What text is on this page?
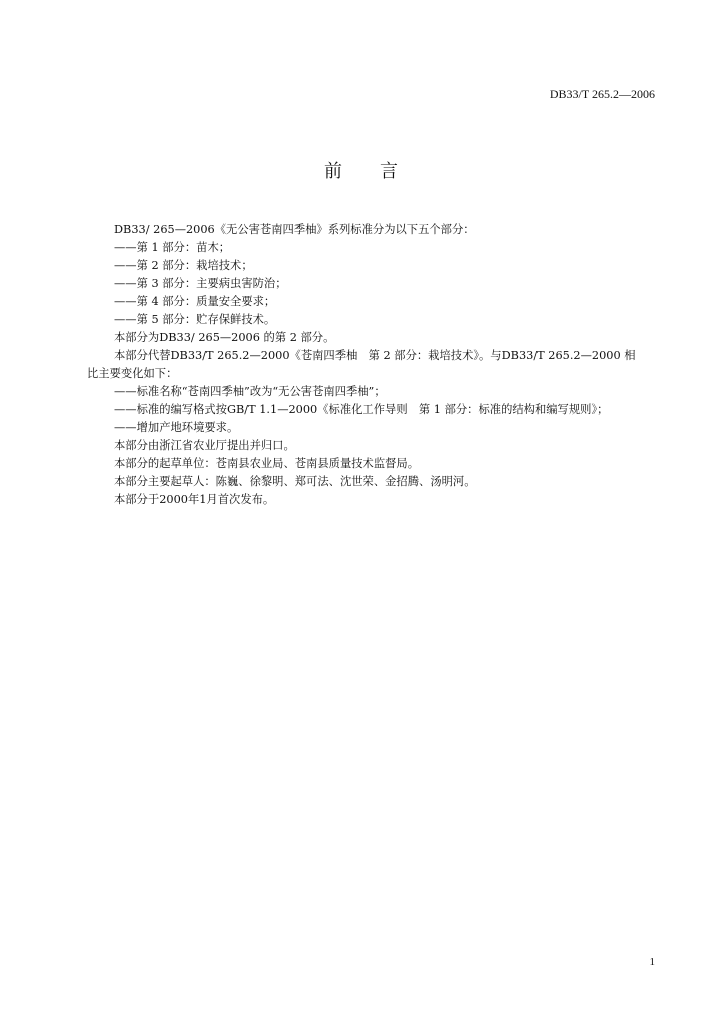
DB33/T 265.2—2006
前 言
DB33/ 265—2006《无公害苍南四季柚》系列标准分为以下五个部分：
——第 1 部分：苗木；
——第 2 部分：栽培技术；
——第 3 部分：主要病虫害防治；
——第 4 部分：质量安全要求；
——第 5 部分：贮存保鲜技术。
本部分为DB33/ 265—2006 的第 2 部分。
本部分代替DB33/T 265.2—2000《苍南四季柚　第 2 部分：栽培技术》。与DB33/T 265.2—2000 相
比主要变化如下：
——标准名称“苍南四季柚”改为“无公害苍南四季柚”；
——标准的编写格式按GB/T 1.1—2000《标准化工作导则　第 1 部分：标准的结构和编写规则》；
——增加产地环境要求。
本部分由浙江省农业厅提出并归口。
本部分的起草单位：苍南县农业局、苍南县质量技术监督局。
本部分主要起草人：陈巍、徐黎明、郑可法、沈世荣、金招腾、汤明河。
本部分于2000年1月首次发布。
1
